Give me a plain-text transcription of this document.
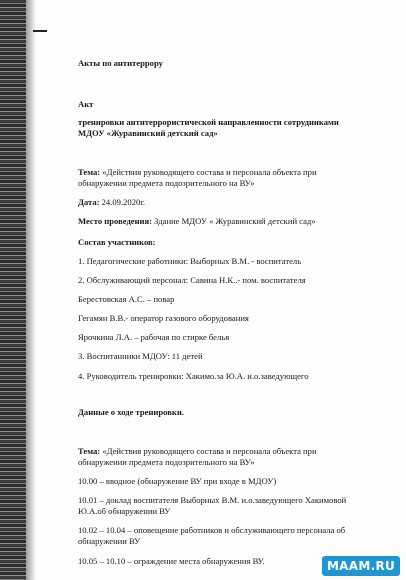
Акты по антитеррору
Акт
тренировки антитеррористической направленности сотрудниками
МДОУ «Журавинский детский сад»
Тема: «Действия руководящего состава и персонала объекта при
обнаружении предмета подозрительного на ВУ»
Дата: 24.09.2020г.
Место проведения: Здание МДОУ « Журавинский детский сад»
Состав участников:
1. Педагогические работники: Выборных В.М. - воспитатель
2. Обслуживающий персонал: Савина Н.К..- пом. воспитателя
Берестовская А.С. – повар
Гегамян В.В.- оператор газового оборудования
Ярочкина Л.А. – рабочая по стирке белья
3. Воспитанники МДОУ: 11 детей
4. Руководитель тренировки: Хакимо.за Ю.А. и.о.заведующего
Данные о ходе тренировки.
Тема: «Действия руководящего состава и персонала объекта при
обнаружении предмета подозрительного на ВУ»
10.00 – вводное (обнаружение ВУ при входе в МДОУ)
10.01 – доклад воспитателя Выборных В.М. и.о.заведующего Хакимовой
Ю.А.об обнаружении ВУ
10.02 – 10.04 – оповещение работников и обслуживающего персонала об
обнаружении ВУ
10.05 – 10.10 – ограждение места обнаружения ВУ.	MAAM.RU
